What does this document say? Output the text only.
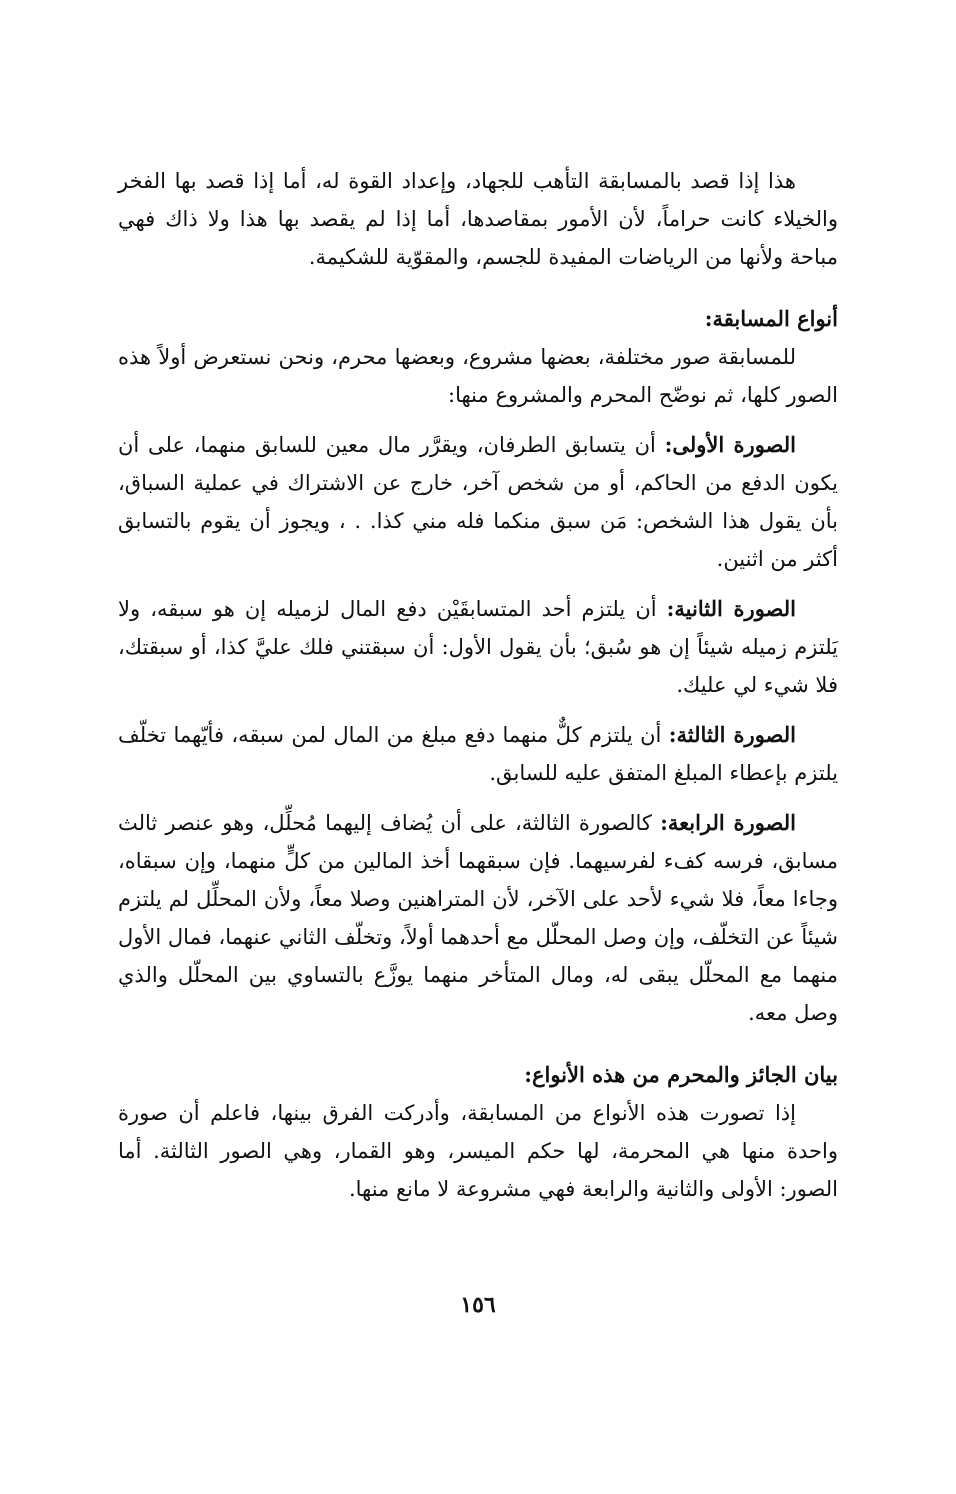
هذا إذا قصد بالمسابقة التأهب للجهاد، وإعداد القوة له، أما إذا قصد بها الفخر والخيلاء كانت حراماً، لأن الأمور بمقاصدها، أما إذا لم يقصد بها هذا ولا ذاك فهي مباحة ولأنها من الرياضات المفيدة للجسم، والمقوّية للشكيمة.

أنواع المسابقة:

للمسابقة صور مختلفة، بعضها مشروع، وبعضها محرم، ونحن نستعرض أولاً هذه الصور كلها، ثم نوضّح المحرم والمشروع منها:

الصورة الأولى: أن يتسابق الطرفان، ويقرَّر مال معين للسابق منهما، على أن يكون الدفع من الحاكم، أو من شخص آخر، خارج عن الاشتراك في عملية السباق، بأن يقول هذا الشخص: مَن سبق منكما فله مني كذا. . ، ويجوز أن يقوم بالتسابق أكثر من اثنين.

الصورة الثانية: أن يلتزم أحد المتسابقَيْن دفع المال لزميله إن هو سبقه، ولا يَلتزم زميله شيئاً إن هو سُبق؛ بأن يقول الأول: أن سبقتني فلك عليَّ كذا، أو سبقتك، فلا شيء لي عليك.

الصورة الثالثة: أن يلتزم كلٌّ منهما دفع مبلغ من المال لمن سبقه، فأيّهما تخلّف يلتزم بإعطاء المبلغ المتفق عليه للسابق.

الصورة الرابعة: كالصورة الثالثة، على أن يُضاف إليهما مُحلِّل، وهو عنصر ثالث مسابق، فرسه كفء لفرسيهما. فإن سبقهما أخذ المالين من كلٍّ منهما، وإن سبقاه، وجاءا معاً، فلا شيء لأحد على الآخر، لأن المتراهنين وصلا معاً، ولأن المحلِّل لم يلتزم شيئاً عن التخلّف، وإن وصل المحلّل مع أحدهما أولاً، وتخلّف الثاني عنهما، فمال الأول منهما مع المحلّل يبقى له، ومال المتأخر منهما يوزَّع بالتساوي بين المحلّل والذي وصل معه.

بيان الجائز والمحرم من هذه الأنواع:

إذا تصورت هذه الأنواع من المسابقة، وأدركت الفرق بينها، فاعلم أن صورة واحدة منها هي المحرمة، لها حكم الميسر، وهو القمار، وهي الصور الثالثة. أما الصور: الأولى والثانية والرابعة فهي مشروعة لا مانع منها.

١٥٦
